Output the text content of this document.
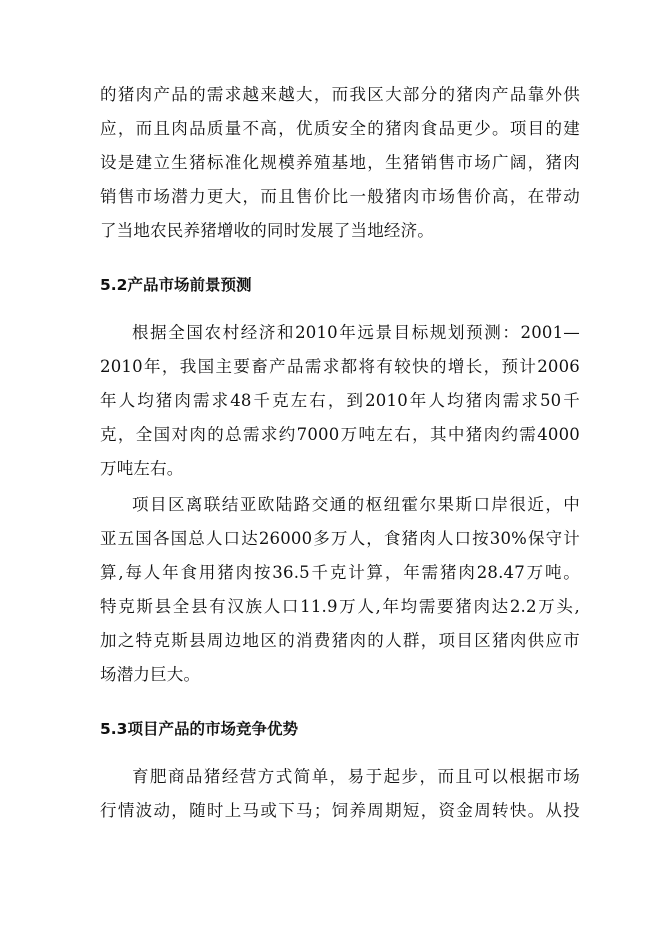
的猪肉产品的需求越来越大，而我区大部分的猪肉产品靠外供
应，而且肉品质量不高，优质安全的猪肉食品更少。项目的建
设是建立生猪标准化规模养殖基地，生猪销售市场广阔，猪肉
销售市场潜力更大，而且售价比一般猪肉市场售价高，在带动
了当地农民养猪增收的同时发展了当地经济。
5.2产品市场前景预测
根据全国农村经济和2010年远景目标规划预测：2001—
2010年，我国主要畜产品需求都将有较快的增长，预计2006
年人均猪肉需求48千克左右，到2010年人均猪肉需求50千
克，全国对肉的总需求约7000万吨左右，其中猪肉约需4000
万吨左右。
项目区离联结亚欧陆路交通的枢纽霍尔果斯口岸很近，中
亚五国各国总人口达26000多万人，食猪肉人口按30%保守计
算,每人年食用猪肉按36.5千克计算，年需猪肉28.47万吨。
特克斯县全县有汉族人口11.9万人,年均需要猪肉达2.2万头,
加之特克斯县周边地区的消费猪肉的人群，项目区猪肉供应市
场潜力巨大。
5.3项目产品的市场竞争优势
育肥商品猪经营方式简单，易于起步，而且可以根据市场
行情波动，随时上马或下马；饲养周期短，资金周转快。从投
